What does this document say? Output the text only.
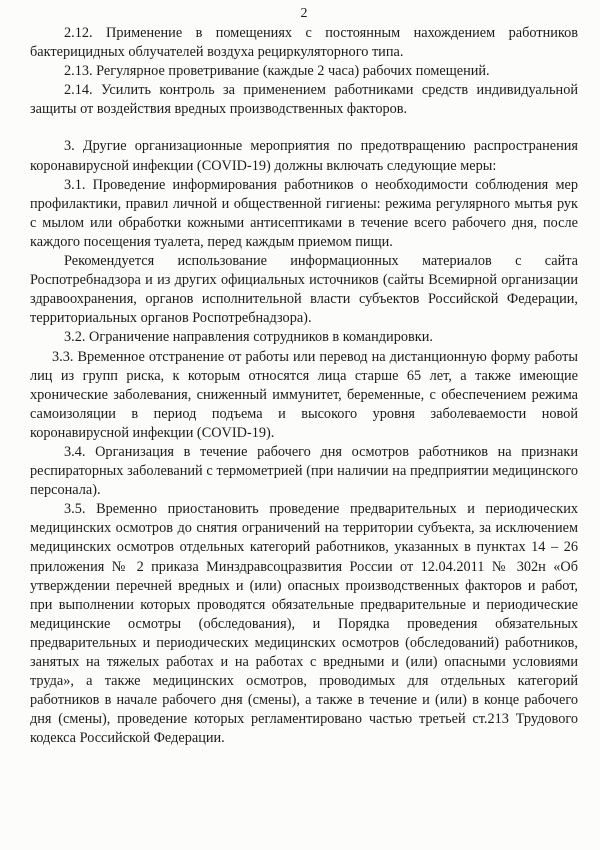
2

2.12. Применение в помещениях с постоянным нахождением работников бактерицидных облучателей воздуха рециркуляторного типа.

2.13. Регулярное проветривание (каждые 2 часа) рабочих помещений.

2.14. Усилить контроль за применением работниками средств индивидуальной защиты от воздействия вредных производственных факторов.

3. Другие организационные мероприятия по предотвращению распространения коронавирусной инфекции (COVID-19) должны включать следующие меры:

3.1. Проведение информирования работников о необходимости соблюдения мер профилактики, правил личной и общественной гигиены: режима регулярного мытья рук с мылом или обработки кожными антисептиками в течение всего рабочего дня, после каждого посещения туалета, перед каждым приемом пищи.

Рекомендуется использование информационных материалов с сайта Роспотребнадзора и из других официальных источников (сайты Всемирной организации здравоохранения, органов исполнительной власти субъектов Российской Федерации, территориальных органов Роспотребнадзора).

3.2. Ограничение направления сотрудников в командировки.

3.3. Временное отстранение от работы или перевод на дистанционную форму работы лиц из групп риска, к которым относятся лица старше 65 лет, а также имеющие хронические заболевания, сниженный иммунитет, беременные, с обеспечением режима самоизоляции в период подъема и высокого уровня заболеваемости новой коронавирусной инфекции (COVID-19).

3.4. Организация в течение рабочего дня осмотров работников на признаки респираторных заболеваний с термометрией (при наличии на предприятии медицинского персонала).

3.5. Временно приостановить проведение предварительных и периодических медицинских осмотров до снятия ограничений на территории субъекта, за исключением медицинских осмотров отдельных категорий работников, указанных в пунктах 14 – 26 приложения № 2 приказа Минздравсоцразвития России от 12.04.2011 № 302н «Об утверждении перечней вредных и (или) опасных производственных факторов и работ, при выполнении которых проводятся обязательные предварительные и периодические медицинские осмотры (обследования), и Порядка проведения обязательных предварительных и периодических медицинских осмотров (обследований) работников, занятых на тяжелых работах и на работах с вредными и (или) опасными условиями труда», а также медицинских осмотров, проводимых для отдельных категорий работников в начале рабочего дня (смены), а также в течение и (или) в конце рабочего дня (смены), проведение которых регламентировано частью третьей ст.213 Трудового кодекса Российской Федерации.
